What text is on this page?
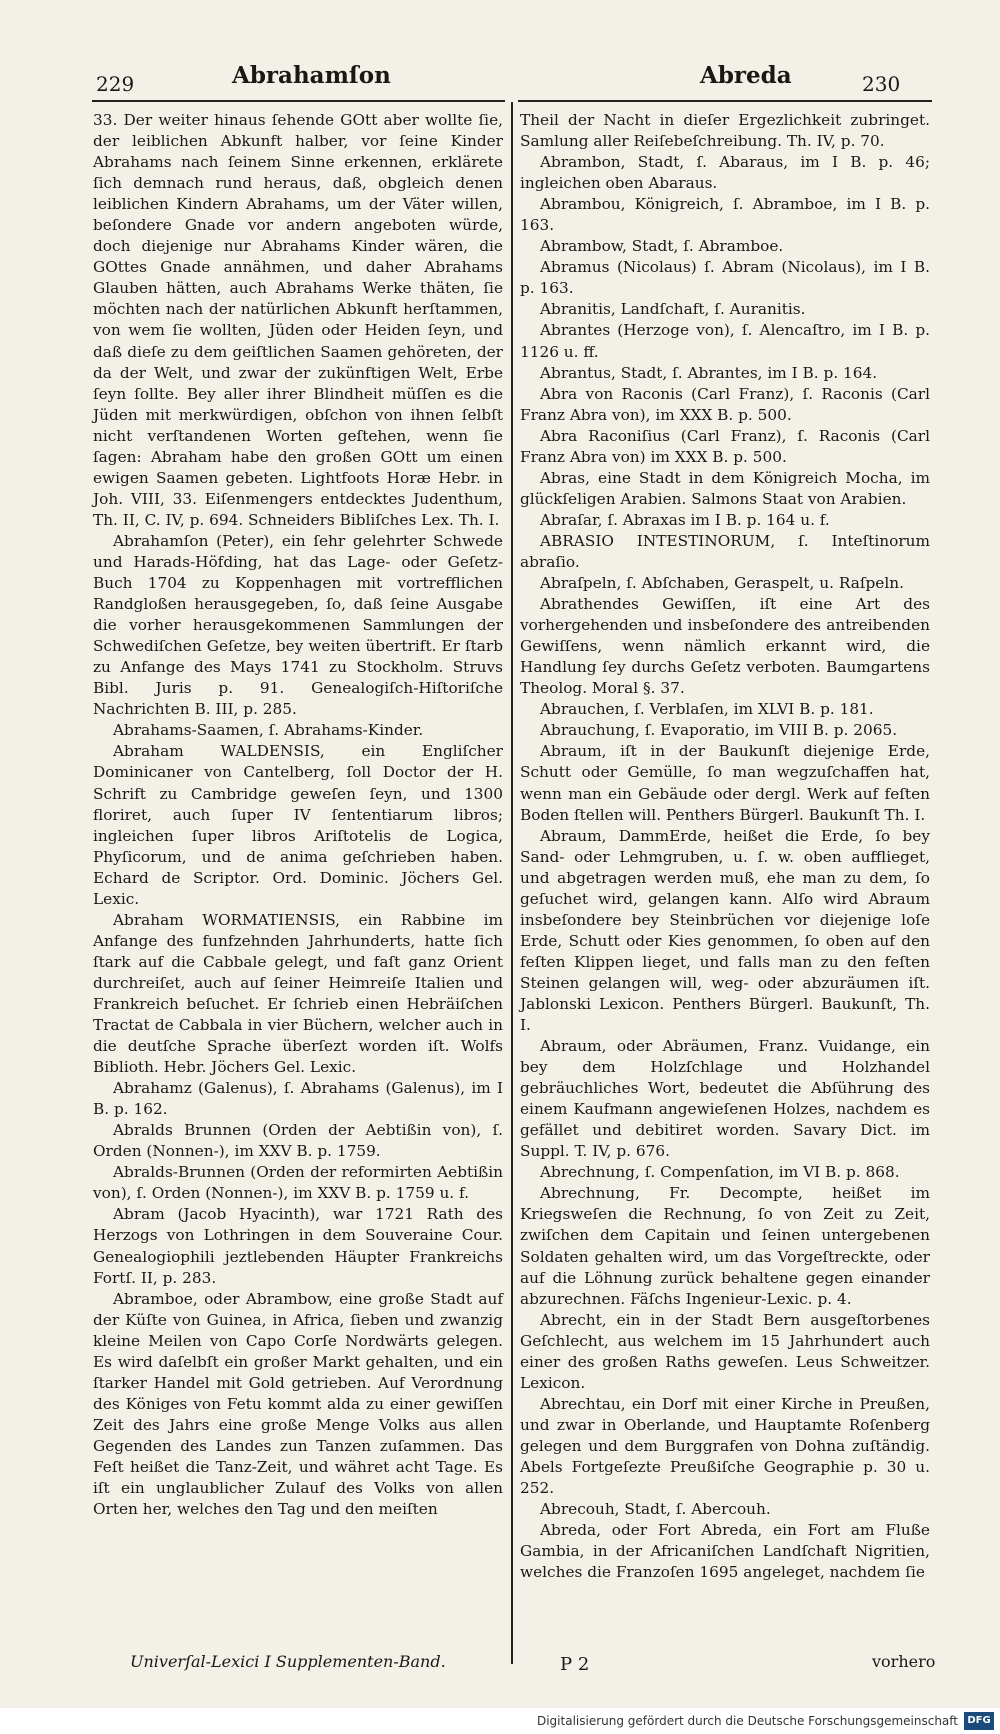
229	Abrahamſon	Abreda	230

33. Der weiter hinaus ſehende GOtt aber wollte ſie, der leiblichen Abkunft halber, vor ſeine Kinder Abrahams nach ſeinem Sinne erkennen, erklärete ſich demnach rund heraus, daß, obgleich denen leiblichen Kindern Abrahams, um der Väter willen, beſondere Gnade vor andern angeboten würde, doch diejenige nur Abrahams Kinder wären, die GOttes Gnade annähmen, und daher Abrahams Glauben hätten, auch Abrahams Werke thäten, ſie möchten nach der natürlichen Abkunft herſtammen, von wem ſie wollten, Jüden oder Heiden ſeyn, und daß dieſe zu dem geiſtlichen Saamen gehöreten, der da der Welt, und zwar der zukünftigen Welt, Erbe ſeyn ſollte. Bey aller ihrer Blindheit müſſen es die Jüden mit merkwürdigen, obſchon von ihnen ſelbſt nicht verſtandenen Worten geſtehen, wenn ſie ſagen: Abraham habe den großen GOtt um einen ewigen Saamen gebeten. Lightfoots Horæ Hebr. in Joh. VIII, 33. Eiſenmengers entdecktes Judenthum, Th. II, C. IV, p. 694. Schneiders Bibliſches Lex. Th. I.

Abrahamſon (Peter), ein ſehr gelehrter Schwede und Harads-Höfding, hat das Lage- oder Geſetz-Buch 1704 zu Koppenhagen mit vortrefflichen Randgloßen herausgegeben, ſo, daß ſeine Ausgabe die vorher herausgekommenen Sammlungen der Schwediſchen Geſetze, bey weiten übertrift. Er ſtarb zu Anfange des Mays 1741 zu Stockholm. Struvs Bibl. Juris p. 91. Genealogiſch-Hiſtoriſche Nachrichten B. III, p. 285.

Abrahams-Saamen, ſ. Abrahams-Kinder.

Abraham WALDENSIS, ein Engliſcher Dominicaner von Cantelberg, ſoll Doctor der H. Schrift zu Cambridge geweſen ſeyn, und 1300 floriret, auch ſuper IV ſententiarum libros; ingleichen ſuper libros Ariſtotelis de Logica, Phyſicorum, und de anima geſchrieben haben. Echard de Scriptor. Ord. Dominic. Jöchers Gel. Lexic.

Abraham WORMATIENSIS, ein Rabbine im Anfange des funfzehnden Jahrhunderts, hatte ſich ſtark auf die Cabbale gelegt, und faſt ganz Orient durchreiſet, auch auf ſeiner Heimreiſe Italien und Frankreich beſuchet. Er ſchrieb einen Hebräiſchen Tractat de Cabbala in vier Büchern, welcher auch in die deutſche Sprache überſezt worden iſt. Wolfs Biblioth. Hebr. Jöchers Gel. Lexic.

Abrahamz (Galenus), ſ. Abrahams (Galenus), im I B. p. 162.

Abralds Brunnen (Orden der Aebtißin von), ſ. Orden (Nonnen-), im XXV B. p. 1759.

Abralds-Brunnen (Orden der reformirten Aebtißin von), ſ. Orden (Nonnen-), im XXV B. p. 1759 u. f.

Abram (Jacob Hyacinth), war 1721 Rath des Herzogs von Lothringen in dem Souveraine Cour. Genealogiophili jeztlebenden Häupter Frankreichs Fortſ. II, p. 283.

Abramboe, oder Abrambow, eine große Stadt auf der Küſte von Guinea, in Africa, ſieben und zwanzig kleine Meilen von Capo Corſe Nordwärts gelegen. Es wird daſelbſt ein großer Markt gehalten, und ein ſtarker Handel mit Gold getrieben. Auf Verordnung des Königes von Fetu kommt alda zu einer gewiſſen Zeit des Jahrs eine große Menge Volks aus allen Gegenden des Landes zun Tanzen zuſammen. Das Feſt heißet die Tanz-Zeit, und währet acht Tage. Es iſt ein unglaublicher Zulauf des Volks von allen Orten her, welches den Tag und den meiſten

Theil der Nacht in dieſer Ergezlichkeit zubringet. Samlung aller Reiſebeſchreibung. Th. IV, p. 70.

Abrambon, Stadt, ſ. Abaraus, im I B. p. 46; ingleichen oben Abaraus.

Abrambou, Königreich, ſ. Abramboe, im I B. p. 163.

Abrambow, Stadt, ſ. Abramboe.

Abramus (Nicolaus) ſ. Abram (Nicolaus), im I B. p. 163.

Abranitis, Landſchaft, ſ. Auranitis.

Abrantes (Herzoge von), ſ. Alencaſtro, im I B. p. 1126 u. ff.

Abrantus, Stadt, ſ. Abrantes, im I B. p. 164.

Abra von Raconis (Carl Franz), ſ. Raconis (Carl Franz Abra von), im XXX B. p. 500.

Abra Raconiſius (Carl Franz), ſ. Raconis (Carl Franz Abra von) im XXX B. p. 500.

Abras, eine Stadt in dem Königreich Mocha, im glückſeligen Arabien. Salmons Staat von Arabien.

Abraſar, ſ. Abraxas im I B. p. 164 u. f.

ABRASIO INTESTINORUM, ſ. Inteſtinorum abraſio.

Abraſpeln, ſ. Abſchaben, Geraspelt, u. Raſpeln.

Abrathendes Gewiſſen, iſt eine Art des vorhergehenden und insbeſondere des antreibenden Gewiſſens, wenn nämlich erkannt wird, die Handlung ſey durchs Geſetz verboten. Baumgartens Theolog. Moral §. 37.

Abrauchen, ſ. Verblaſen, im XLVI B. p. 181.

Abrauchung, ſ. Evaporatio, im VIII B. p. 2065.

Abraum, iſt in der Baukunſt diejenige Erde, Schutt oder Gemülle, ſo man wegzuſchaffen hat, wenn man ein Gebäude oder dergl. Werk auf feſten Boden ſtellen will. Penthers Bürgerl. Baukunſt Th. I.

Abraum, DammErde, heißet die Erde, ſo bey Sand- oder Lehmgruben, u. ſ. w. oben aufflieget, und abgetragen werden muß, ehe man zu dem, ſo geſuchet wird, gelangen kann. Alſo wird Abraum insbeſondere bey Steinbrüchen vor diejenige loſe Erde, Schutt oder Kies genommen, ſo oben auf den feſten Klippen lieget, und falls man zu den feſten Steinen gelangen will, weg- oder abzuräumen iſt. Jablonski Lexicon. Penthers Bürgerl. Baukunſt, Th. I.

Abraum, oder Abräumen, Franz. Vuidange, ein bey dem Holzſchlage und Holzhandel gebräuchliches Wort, bedeutet die Abſührung des einem Kaufmann angewieſenen Holzes, nachdem es gefället und debitiret worden. Savary Dict. im Suppl. T. IV, p. 676.

Abrechnung, ſ. Compenſation, im VI B. p. 868.

Abrechnung, Fr. Decompte, heißet im Kriegsweſen die Rechnung, ſo von Zeit zu Zeit, zwiſchen dem Capitain und ſeinen untergebenen Soldaten gehalten wird, um das Vorgeſtreckte, oder auf die Löhnung zurück behaltene gegen einander abzurechnen. Fäſchs Ingenieur-Lexic. p. 4.

Abrecht, ein in der Stadt Bern ausgeſtorbenes Geſchlecht, aus welchem im 15 Jahrhundert auch einer des großen Raths geweſen. Leus Schweitzer. Lexicon.

Abrechtau, ein Dorf mit einer Kirche in Preußen, und zwar in Oberlande, und Hauptamte Roſenberg gelegen und dem Burggrafen von Dohna zuſtändig. Abels Fortgeſezte Preußiſche Geographie p. 30 u. 252.

Abrecouh, Stadt, ſ. Abercouh.

Abreda, oder Fort Abreda, ein Fort am Fluße Gambia, in der Africaniſchen Landſchaft Nigritien, welches die Franzoſen 1695 angeleget, nachdem ſie

Univerſal-Lexici I Supplementen-Band.	P 2	vorhero
Digitalisierung gefördert durch die Deutsche Forschungsgemeinschaft DFG
